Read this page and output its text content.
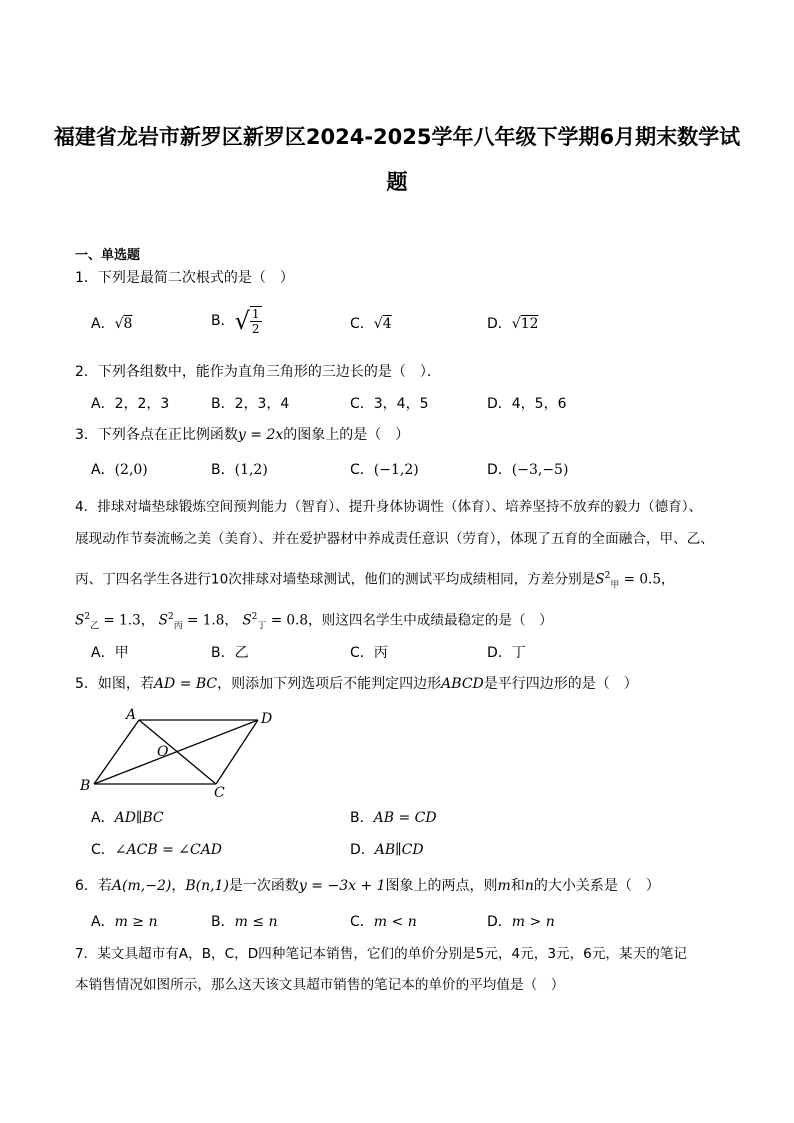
福建省龙岩市新罗区新罗区2024-2025学年八年级下学期6月期末数学试
题
一、单选题
1．下列是最简二次根式的是（　）
A．√8	B．√ $\frac{1}{2}$	C．√4	D．√12
2．下列各组数中，能作为直角三角形的三边长的是（　）．
A．2，2，3	B．2，3，4	C．3，4，5	D．4，5，6
3．下列各点在正比例函数y = 2x的图象上的是（　）
A．(2,0)	B．(1,2)	C．(−1,2)	D．(−3,−5)
4．排球对墙垫球锻炼空间预判能力（智育）、提升身体协调性（体育）、培养坚持不放弃的毅力（德育）、
展现动作节奏流畅之美（美育）、并在爱护器材中养成责任意识（劳育），体现了五育的全面融合，甲、乙、
丙、丁四名学生各进行10次排球对墙垫球测试，他们的测试平均成绩相同，方差分别是$S^2_甲 = 0.5$，
$S^2_乙 = 1.3$， $S^2_丙 = 1.8$， $S^2_丁 = 0.8$，则这四名学生中成绩最稳定的是（　）
A．甲	B．乙	C．丙	D．丁
5．如图，若AD = BC，则添加下列选项后不能判定四边形ABCD是平行四边形的是（　）
A	D
B	C
O
A．AD∥BC	B．AB = CD
C．∠ACB = ∠CAD	D．AB∥CD
6．若A(m,−2)，B(n,1)是一次函数y = −3x + 1图象上的两点，则m和n的大小关系是（　）
A．m ≥ n	B．m ≤ n	C．m < n	D．m > n
7．某文具超市有A，B，C，D四种笔记本销售，它们的单价分别是5元，4元，3元，6元，某天的笔记
本销售情况如图所示，那么这天该文具超市销售的笔记本的单价的平均值是（　）
